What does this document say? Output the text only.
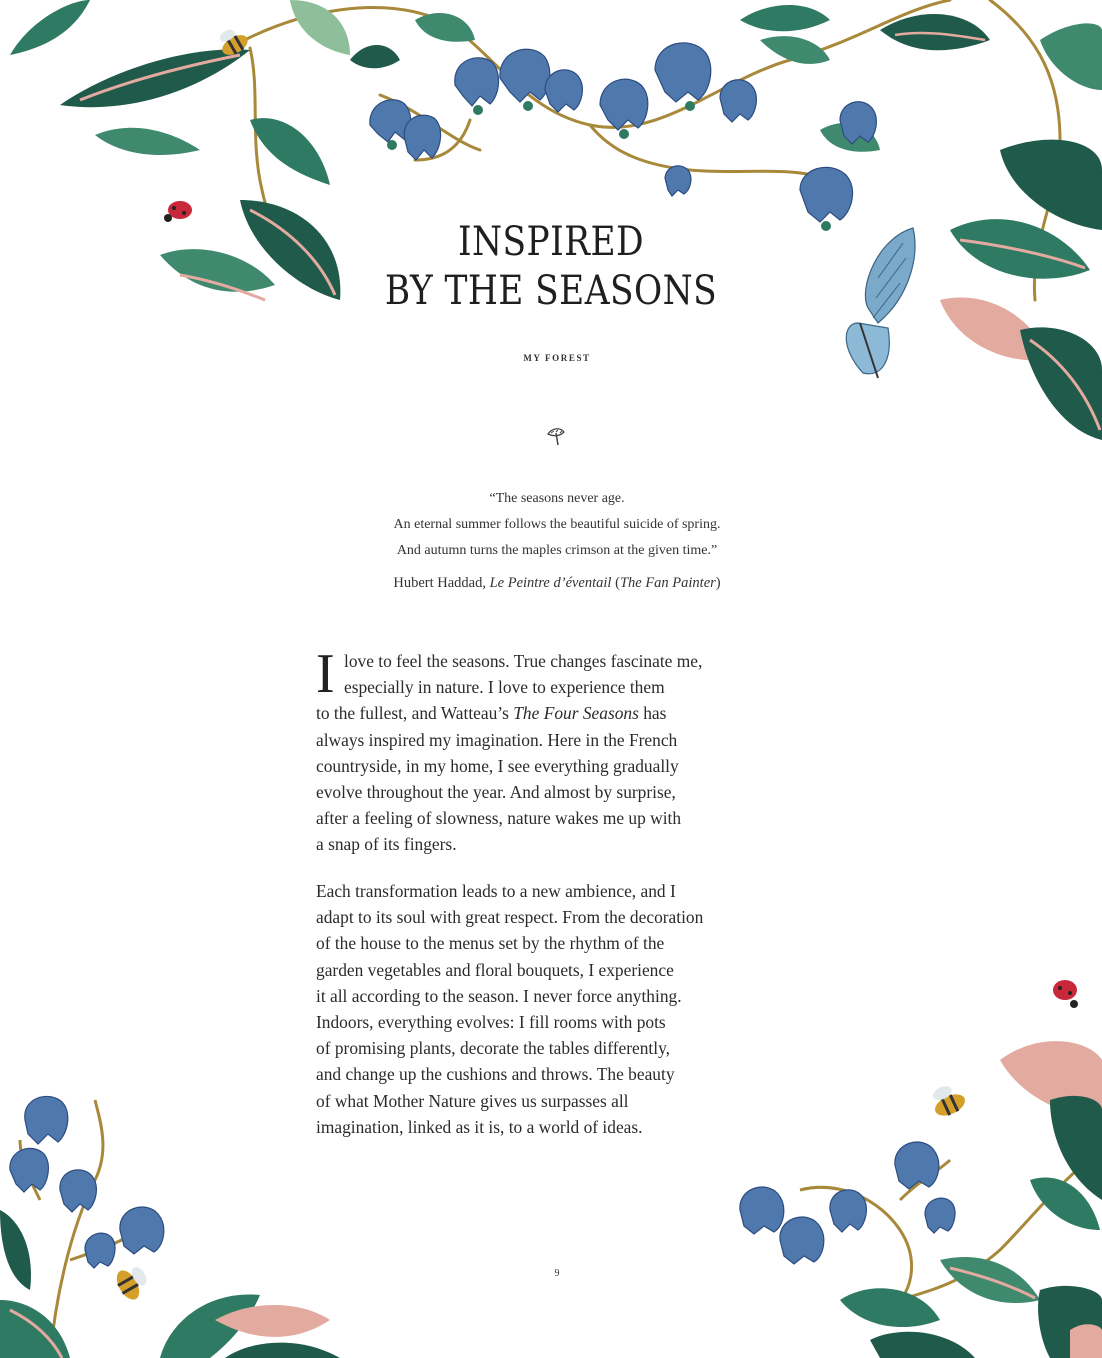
INSPIRED
BY THE SEASONS
MY FOREST
“The seasons never age.
An eternal summer follows the beautiful suicide of spring.
And autumn turns the maples crimson at the given time.”
Hubert Haddad, Le Peintre d’éventail (The Fan Painter)
I love to feel the seasons. True changes fascinate me,
especially in nature. I love to experience them
to the fullest, and Watteau’s The Four Seasons has
always inspired my imagination. Here in the French
countryside, in my home, I see everything gradually
evolve throughout the year. And almost by surprise,
after a feeling of slowness, nature wakes me up with
a snap of its fingers.
Each transformation leads to a new ambience, and I
adapt to its soul with great respect. From the decoration
of the house to the menus set by the rhythm of the
garden vegetables and floral bouquets, I experience
it all according to the season. I never force anything.
Indoors, everything evolves: I fill rooms with pots
of promising plants, decorate the tables differently,
and change up the cushions and throws. The beauty
of what Mother Nature gives us surpasses all
imagination, linked as it is, to a world of ideas.
9
